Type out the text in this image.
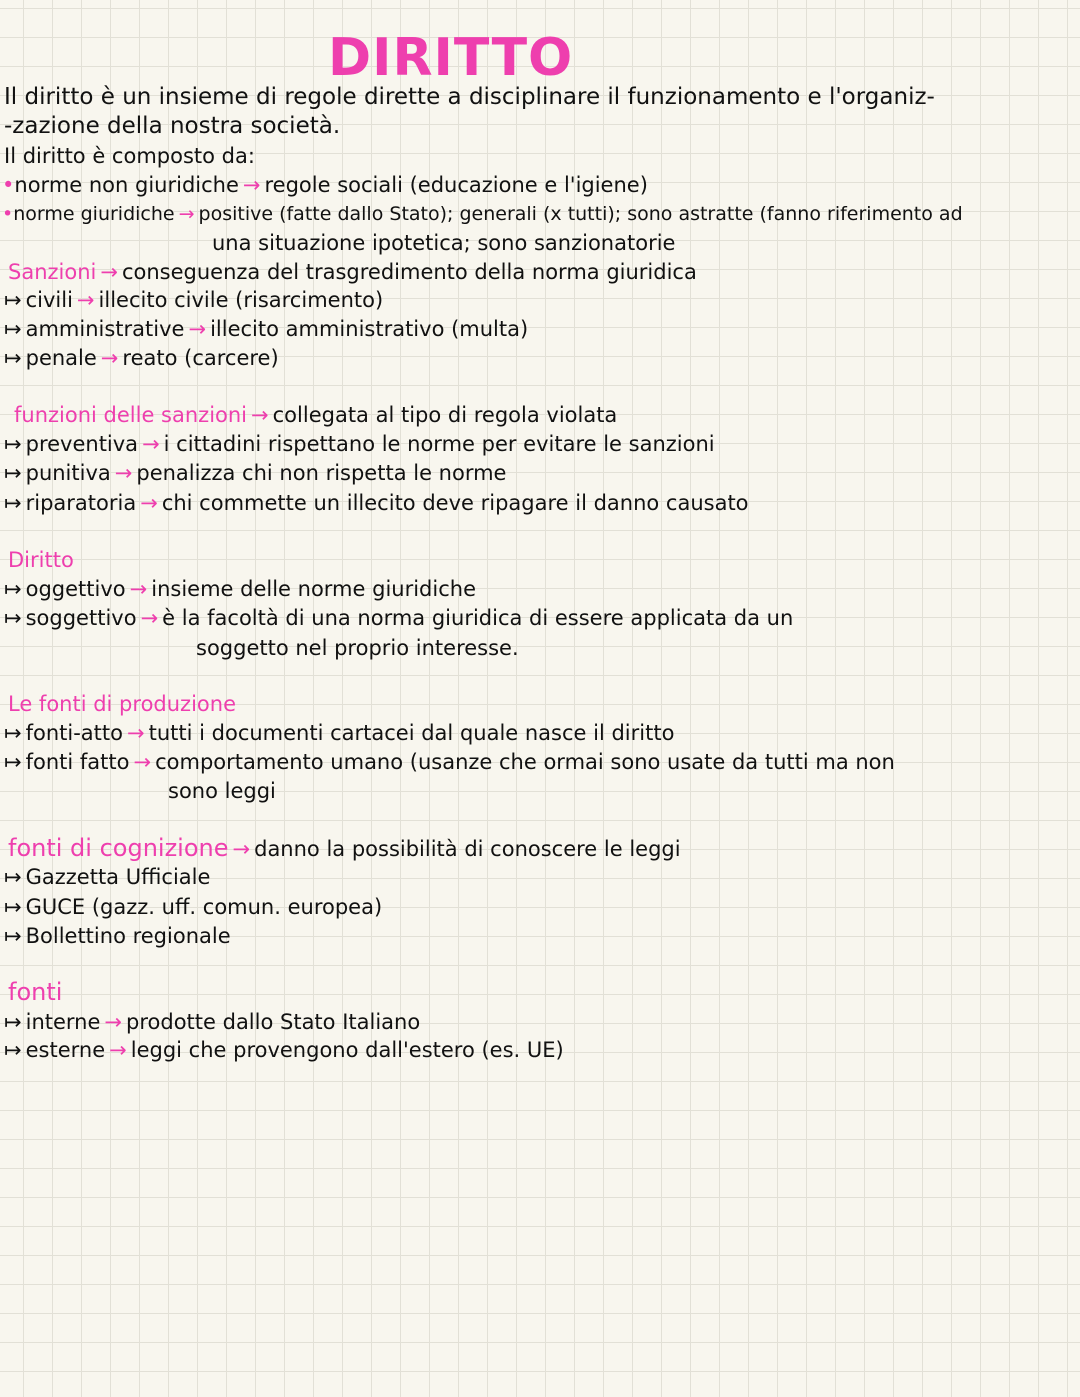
DIRITTO
Il diritto è un insieme di regole dirette a disciplinare il funzionamento e l'organiz-
-zazione della nostra società.
Il diritto è composto da:
•norme non giuridiche → regole sociali (educazione e l'igiene)
•norme giuridiche → positive (fatte dallo Stato); generali (x tutti); sono astratte (fanno riferimento ad
una situazione ipotetica; sono sanzionatorie
Sanzioni → conseguenza del trasgredimento della norma giuridica
funzioni delle sanzioni → collegata al tipo di regola violata
Diritto
soggetto nel proprio interesse.
Le fonti di produzione
sono leggi
fonti di cognizione → danno la possibilità di conoscere le leggi
fonti
↦ civili → illecito civile (risarcimento)
↦ amministrative → illecito amministrativo (multa)
↦ penale → reato (carcere)
↦ preventiva → i cittadini rispettano le norme per evitare le sanzioni
↦ punitiva → penalizza chi non rispetta le norme
↦ riparatoria → chi commette un illecito deve ripagare il danno causato
↦ oggettivo → insieme delle norme giuridiche
↦ soggettivo → è la facoltà di una norma giuridica di essere applicata da un
↦ fonti-atto → tutti i documenti cartacei dal quale nasce il diritto
↦ fonti fatto → comportamento umano (usanze che ormai sono usate da tutti ma non
↦ Gazzetta Ufficiale
↦ GUCE (gazz. uff. comun. europea)
↦ Bollettino regionale
↦ interne → prodotte dallo Stato Italiano
↦ esterne → leggi che provengono dall'estero (es. UE)
